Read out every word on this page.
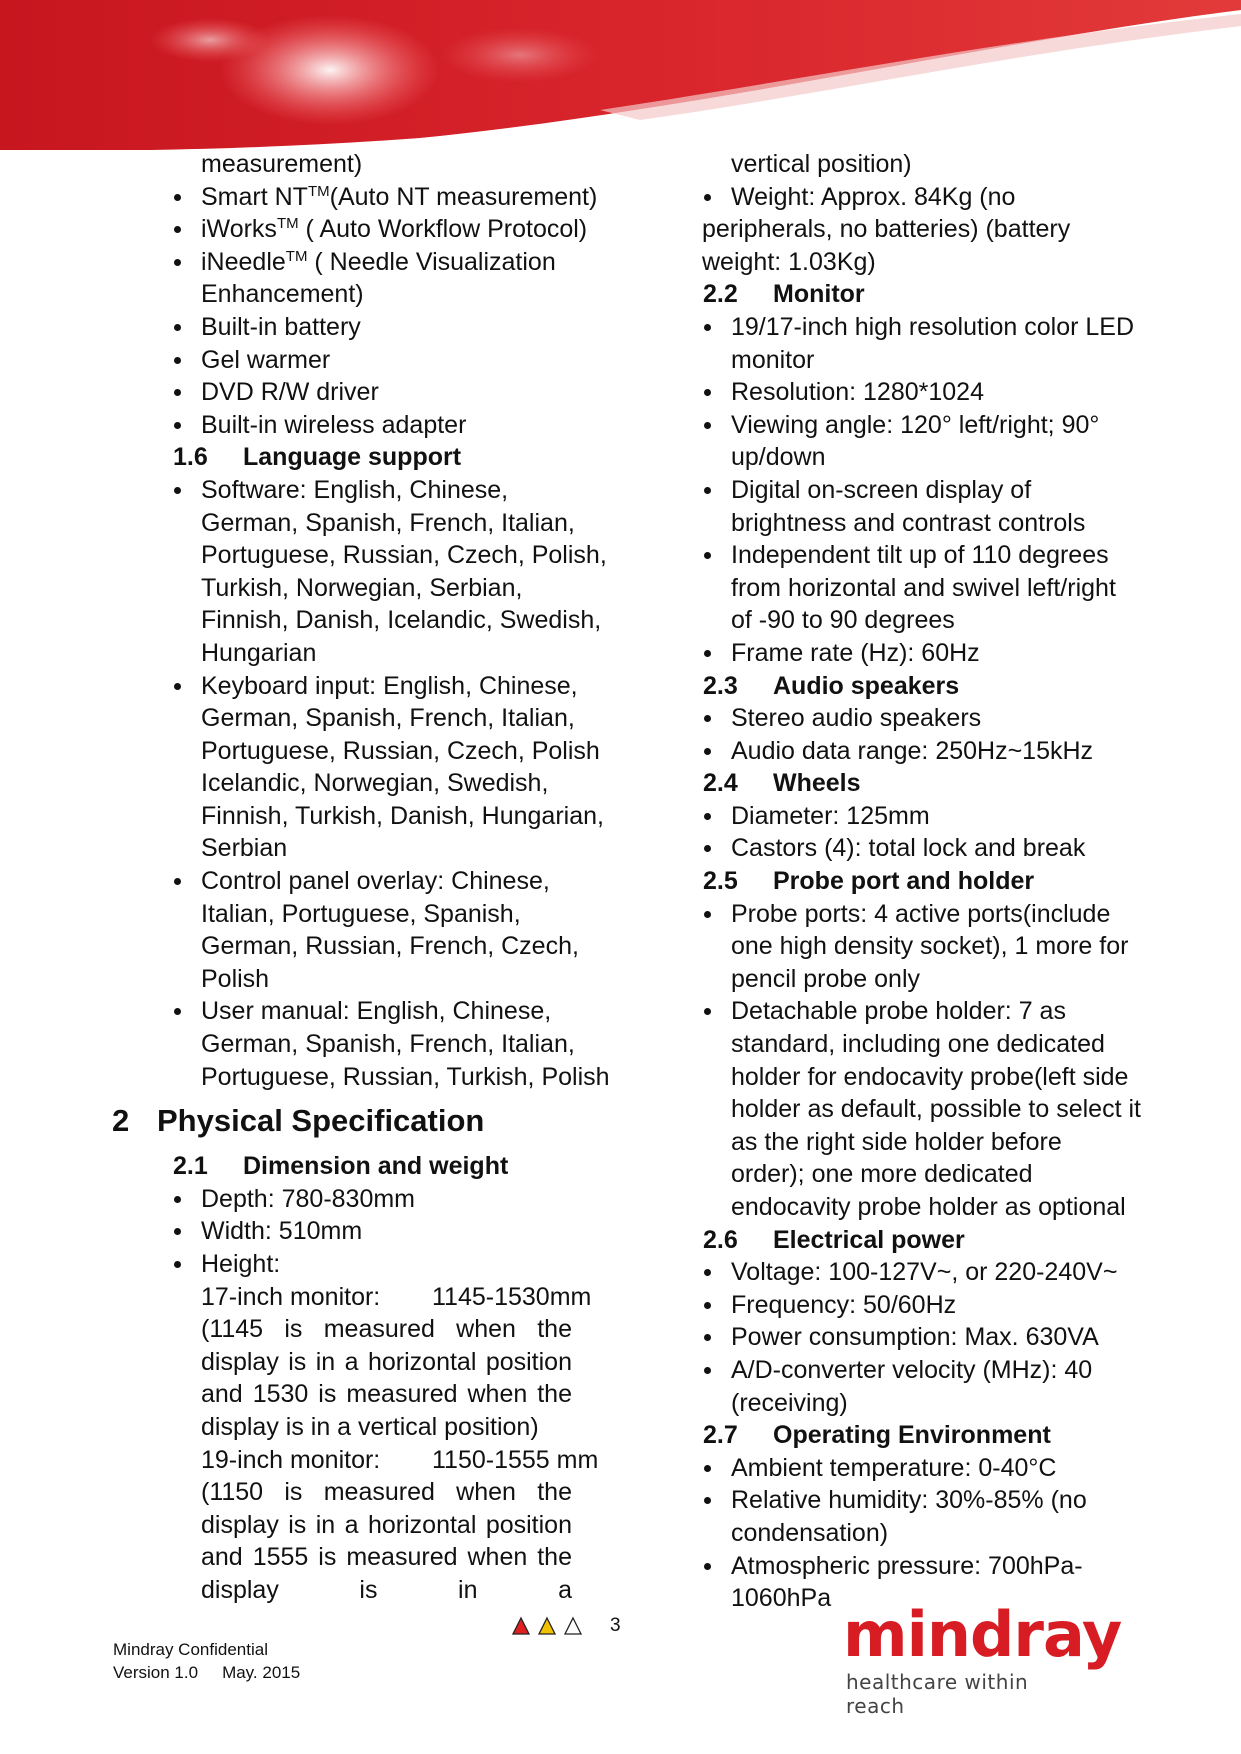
measurement)
Smart NT™(Auto NT measurement)
iWorks™ ( Auto Workflow Protocol)
iNeedle™ ( Needle Visualization Enhancement)
Built-in battery
Gel warmer
DVD R/W driver
Built-in wireless adapter
1.6 Language support
Software: English, Chinese, German, Spanish, French, Italian, Portuguese, Russian, Czech, Polish, Turkish, Norwegian, Serbian, Finnish, Danish, Icelandic, Swedish, Hungarian
Keyboard input: English, Chinese, German, Spanish, French, Italian, Portuguese, Russian, Czech, Polish Icelandic, Norwegian, Swedish, Finnish, Turkish, Danish, Hungarian, Serbian
Control panel overlay: Chinese, Italian, Portuguese, Spanish, German, Russian, French, Czech, Polish
User manual: English, Chinese, German, Spanish, French, Italian, Portuguese, Russian, Turkish, Polish
2 Physical Specification
2.1 Dimension and weight
Depth: 780-830mm
Width: 510mm
Height:
17-inch monitor:	1145-1530mm
(1145 is measured when the display is in a horizontal position and 1530 is measured when the display is in a vertical position)
19-inch monitor:	1150-1555 mm
(1150 is measured when the display is in a horizontal position and 1555 is measured when the display is in a
vertical position)
Weight: Approx. 84Kg (no
peripherals, no batteries) (battery
weight: 1.03Kg)
2.2 Monitor
19/17-inch high resolution color LED monitor
Resolution: 1280*1024
Viewing angle: 120° left/right; 90° up/down
Digital on-screen display of brightness and contrast controls
Independent tilt up of 110 degrees from horizontal and swivel left/right of -90 to 90 degrees
Frame rate (Hz): 60Hz
2.3 Audio speakers
Stereo audio speakers
Audio data range: 250Hz~15kHz
2.4 Wheels
Diameter: 125mm
Castors (4): total lock and break
2.5 Probe port and holder
Probe ports: 4 active ports(include one high density socket), 1 more for pencil probe only
Detachable probe holder: 7 as standard, including one dedicated holder for endocavity probe(left side holder as default, possible to select it as the right side holder before order); one more dedicated endocavity probe holder as optional
2.6 Electrical power
Voltage: 100-127V~, or 220-240V~
Frequency: 50/60Hz
Power consumption: Max. 630VA
A/D-converter velocity (MHz): 40 (receiving)
2.7 Operating Environment
Ambient temperature: 0-40°C
Relative humidity: 30%-85% (no condensation)
Atmospheric pressure: 700hPa-1060hPa
3
Mindray Confidential
Version 1.0 May. 2015
mindray
healthcare within reach
